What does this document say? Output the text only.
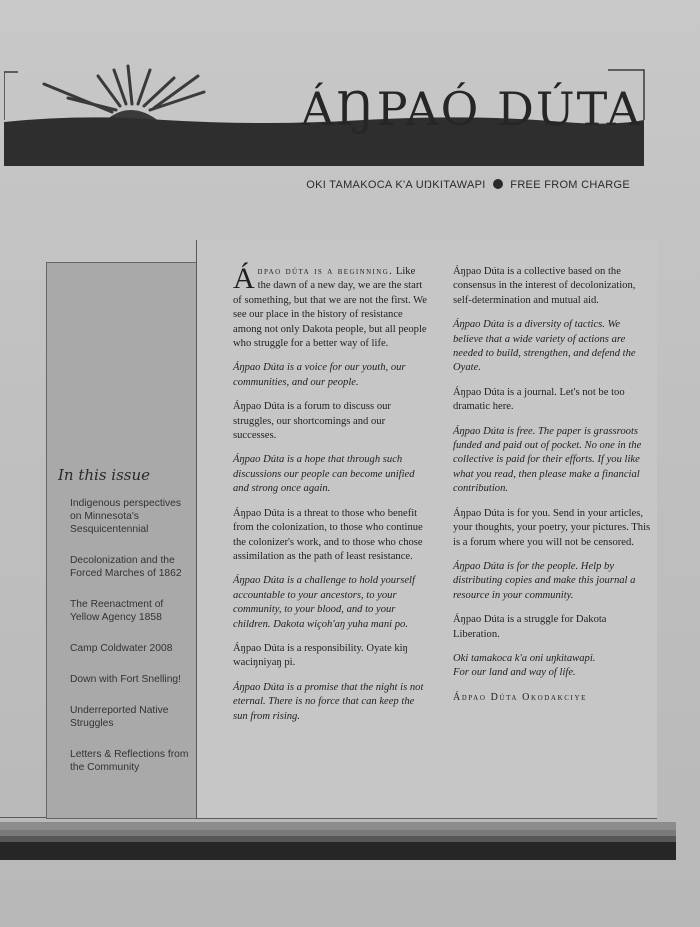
ÁŊPAÓ DÚTA
OKI TAMAKOCA K'A UŊKITAWAPI FREE FROM CHARGE
In this issue
Indigenous perspectives on Minnesota's Sesquicentennial
Decolonization and the Forced Marches of 1862
The Reenactment of Yellow Agency 1858
Camp Coldwater 2008
Down with Fort Snelling!
Underreported Native Struggles
Letters & Reflections from the Community

Áŋpao dúta is a beginning. Like the dawn of a new day, we are the start of something, but that we are not the first. We see our place in the history of resistance among not only Dakota people, but all people who struggle for a better way of life.

Áŋpao Dúta is a voice for our youth, our communities, and our people.

Áŋpao Dúta is a forum to discuss our struggles, our shortcomings and our successes.

Áŋpao Dúta is a hope that through such discussions our people can become unified and strong once again.

Áŋpao Dúta is a threat to those who benefit from the colonization, to those who continue the colonizer's work, and to those who chose assimilation as the path of least resistance.

Áŋpao Dúta is a challenge to hold yourself accountable to your ancestors, to your community, to your blood, and to your children. Dakota wiçoh'aŋ yuha mani po.

Áŋpao Dúta is a responsibility. Oyate kiŋ waciŋniyaŋ pi.

Áŋpao Dúta is a promise that the night is not eternal. There is no force that can keep the sun from rising.

Áŋpao Dúta is a collective based on the consensus in the interest of decolonization, self-determination and mutual aid.

Áŋpao Dúta is a diversity of tactics. We believe that a wide variety of actions are needed to build, strengthen, and defend the Oyate.

Áŋpao Dúta is a journal. Let's not be too dramatic here.

Áŋpao Dúta is free. The paper is grassroots funded and paid out of pocket. No one in the collective is paid for their efforts. If you like what you read, then please make a financial contribution.

Áŋpao Dúta is for you. Send in your articles, your thoughts, your poetry, your pictures. This is a forum where you will not be censored.

Áŋpao Dúta is for the people. Help by distributing copies and make this journal a resource in your community.

Áŋpao Dúta is a struggle for Dakota Liberation.

Oki tamakoca k'a oni uŋkitawapi.
For our land and way of life.

Áŋpao Dúta Okodakciye
